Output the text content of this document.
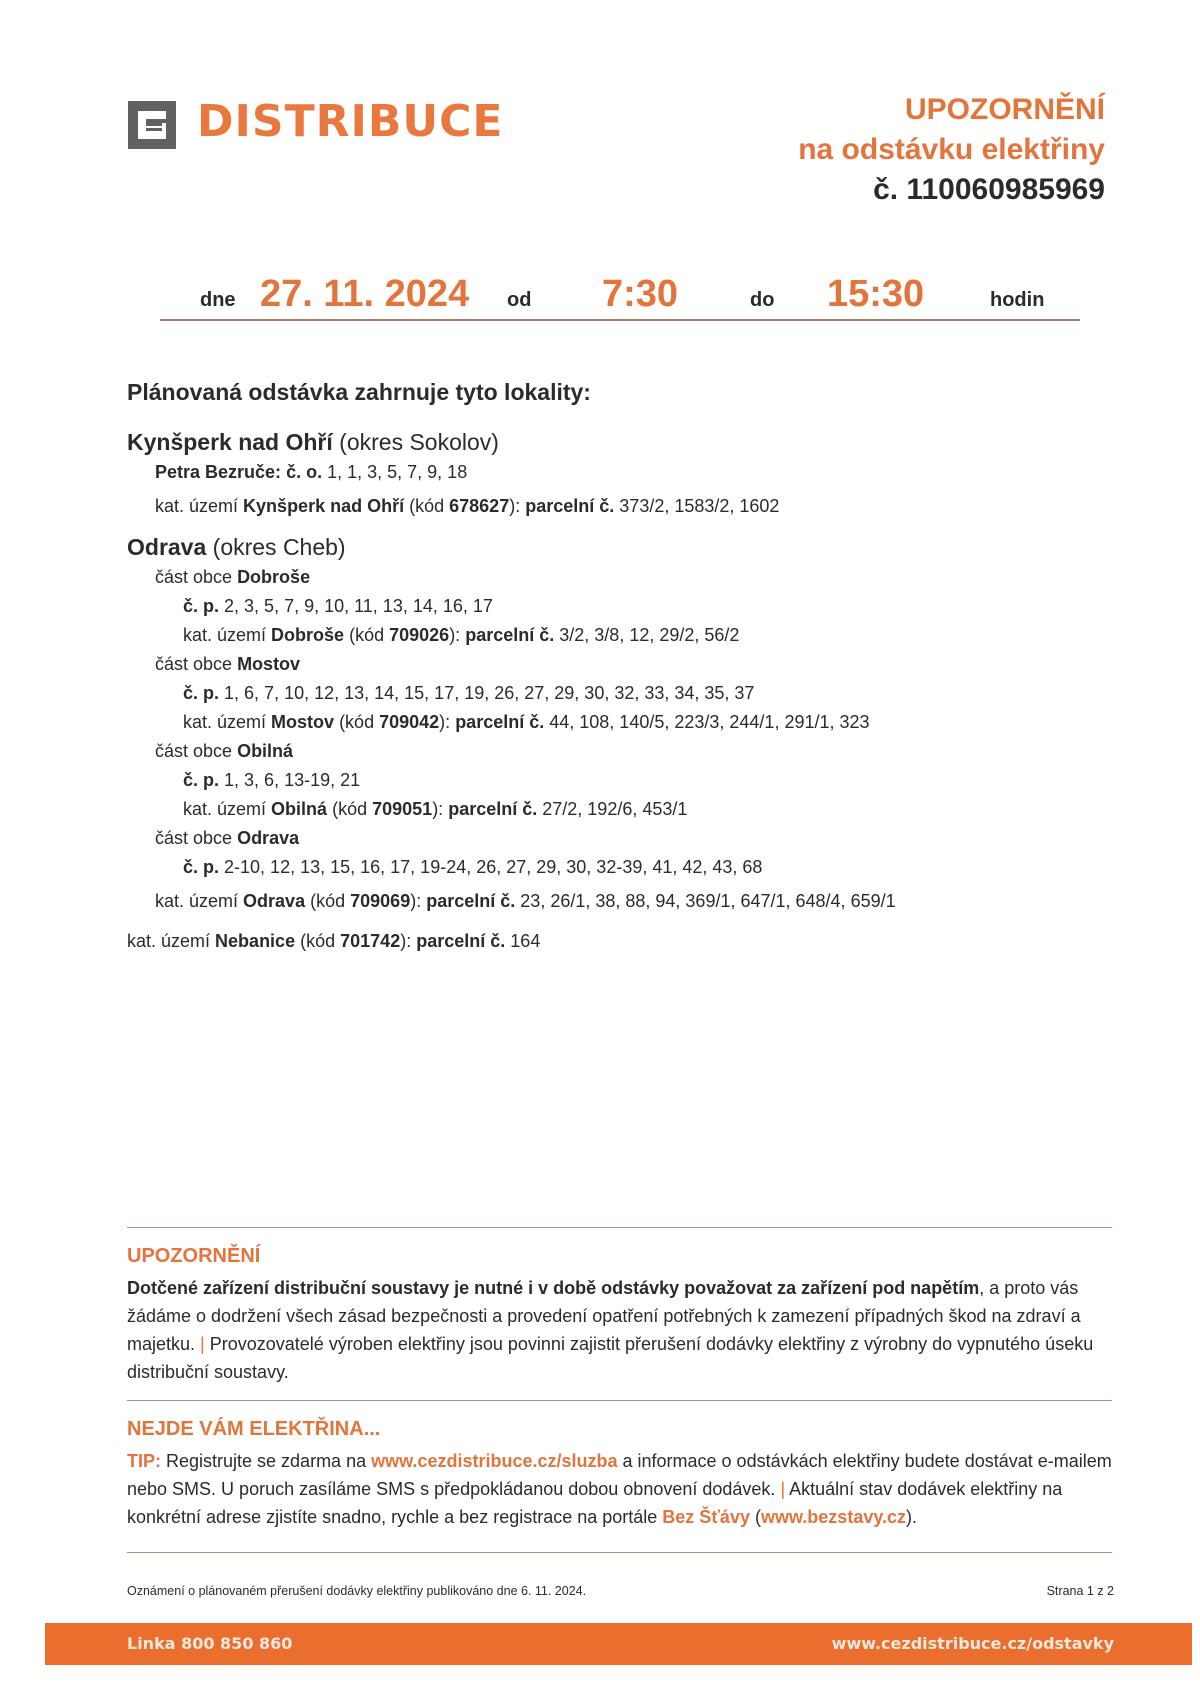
DISTRIBUCE	UPOZORNĚNÍ
na odstávku elektřiny
č. 110060985969
dne 27. 11. 2024 od 7:30	do 15:30	hodin
Plánovaná odstávka zahrnuje tyto lokality:
Kynšperk nad Ohří (okres Sokolov)
Petra Bezruče: č. o. 1, 1, 3, 5, 7, 9, 18
kat. území Kynšperk nad Ohří (kód 678627): parcelní č. 373/2, 1583/2, 1602
Odrava (okres Cheb)
část obce Dobroše
č. p. 2, 3, 5, 7, 9, 10, 11, 13, 14, 16, 17
kat. území Dobroše (kód 709026): parcelní č. 3/2, 3/8, 12, 29/2, 56/2
část obce Mostov
č. p. 1, 6, 7, 10, 12, 13, 14, 15, 17, 19, 26, 27, 29, 30, 32, 33, 34, 35, 37
kat. území Mostov (kód 709042): parcelní č. 44, 108, 140/5, 223/3, 244/1, 291/1, 323
část obce Obilná
č. p. 1, 3, 6, 13-19, 21
kat. území Obilná (kód 709051): parcelní č. 27/2, 192/6, 453/1
část obce Odrava
č. p. 2-10, 12, 13, 15, 16, 17, 19-24, 26, 27, 29, 30, 32-39, 41, 42, 43, 68
kat. území Odrava (kód 709069): parcelní č. 23, 26/1, 38, 88, 94, 369/1, 647/1, 648/4, 659/1
kat. území Nebanice (kód 701742): parcelní č. 164
UPOZORNĚNÍ
Dotčené zařízení distribuční soustavy je nutné i v době odstávky považovat za zařízení pod napětím, a proto vás žádáme o dodržení všech zásad bezpečnosti a provedení opatření potřebných k zamezení případných škod na zdraví a majetku. | Provozovatelé výroben elektřiny jsou povinni zajistit přerušení dodávky elektřiny z výrobny do vypnutého úseku distribuční soustavy.
NEJDE VÁM ELEKTŘINA...
TIP: Registrujte se zdarma na www.cezdistribuce.cz/sluzba a informace o odstávkách elektřiny budete dostávat e-mailem nebo SMS. U poruch zasíláme SMS s předpokládanou dobou obnovení dodávek. | Aktuální stav dodávek elektřiny na konkrétní adrese zjistíte snadno, rychle a bez registrace na portále Bez Šťávy (www.bezstavy.cz).
Oznámení o plánovaném přerušení dodávky elektřiny publikováno dne 6. 11. 2024.	Strana 1 z 2
Linka 800 850 860	www.cezdistribuce.cz/odstavky
